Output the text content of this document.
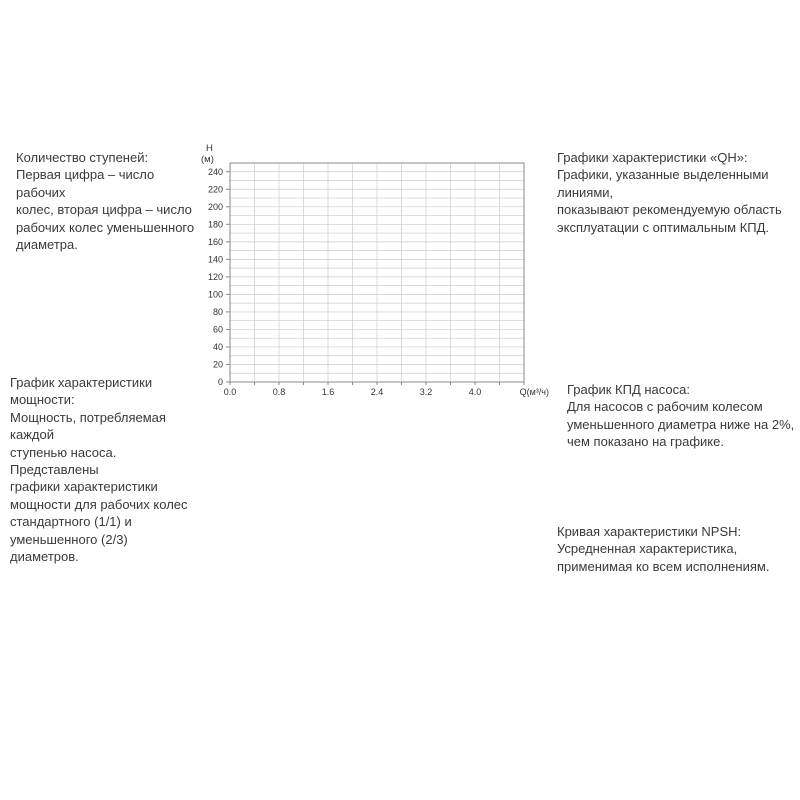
Количество ступеней:
Первая цифра – число рабочих
колес, вторая цифра – число
рабочих колес уменьшенного
диаметра.
График характеристики мощности:
Мощность, потребляемая каждой
ступенью насоса. Представлены
графики характеристики
мощности для рабочих колес
стандартного (1/1) и
уменьшенного (2/3) диаметров.
Графики характеристики «QH»:
Графики, указанные выделенными линиями,
показывают рекомендуемую область
эксплуатации с оптимальным КПД.
График КПД насоса:
Для насосов с рабочим колесом
уменьшенного диаметра ниже на 2%,
чем показано на графике.
Кривая характеристики NPSH:
Усредненная характеристика,
применимая ко всем исполнениям.
0
20
40
60
80
100
120
140
160
180
200
220
240
0.0	0.8	1.6	2.4	3.2	4.0	Q(м³/ч)
H
(м)
